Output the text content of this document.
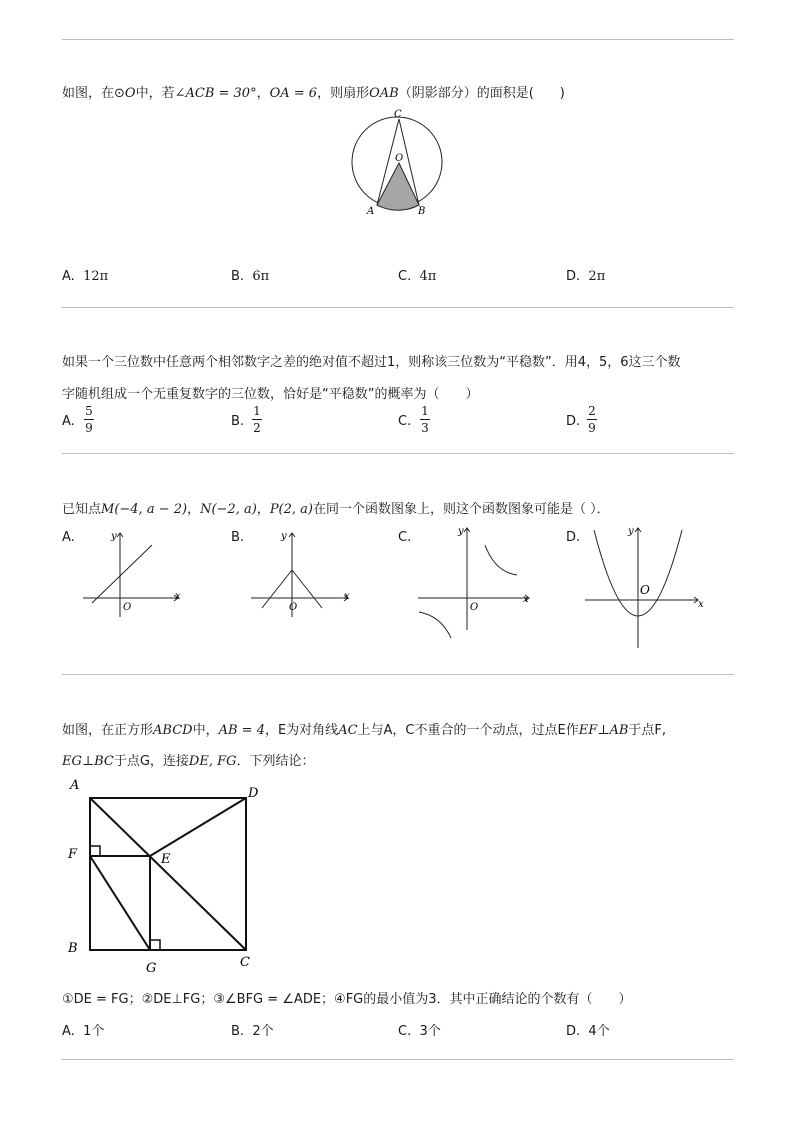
如图，在⊙O中，若∠ACB = 30°，OA = 6，则扇形OAB（阴影部分）的面积是(　　)
C
O
A	B
A. 12π	B. 6π	C. 4π	D. 2π
如果一个三位数中任意两个相邻数字之差的绝对值不超过1，则称该三位数为“平稳数”．用4，5，6这三个数
字随机组成一个无重复数字的三位数，恰好是“平稳数”的概率为（　　）
A.
5
9	B.
1
2	C.
1
3	D.
2
9
已知点M(−4, a − 2)，N(−2, a)，P(2, a)在同一个函数图象上，则这个函数图象可能是（ ）．
A.	B.	C.	D.
y
x
O
y
x
O
y
x
O
y
x
O
如图，在正方形ABCD中，AB = 4，E为对角线AC上与A，C不重合的一个动点，过点E作EF⊥AB于点F,
EG⊥BC于点G，连接DE, FG．下列结论：
A
D
F	E
B
G	C
①DE = FG；②DE⊥FG；③∠BFG = ∠ADE；④FG的最小值为3．其中正确结论的个数有（　　）
A. 1个	B. 2个	C. 3个	D. 4个
